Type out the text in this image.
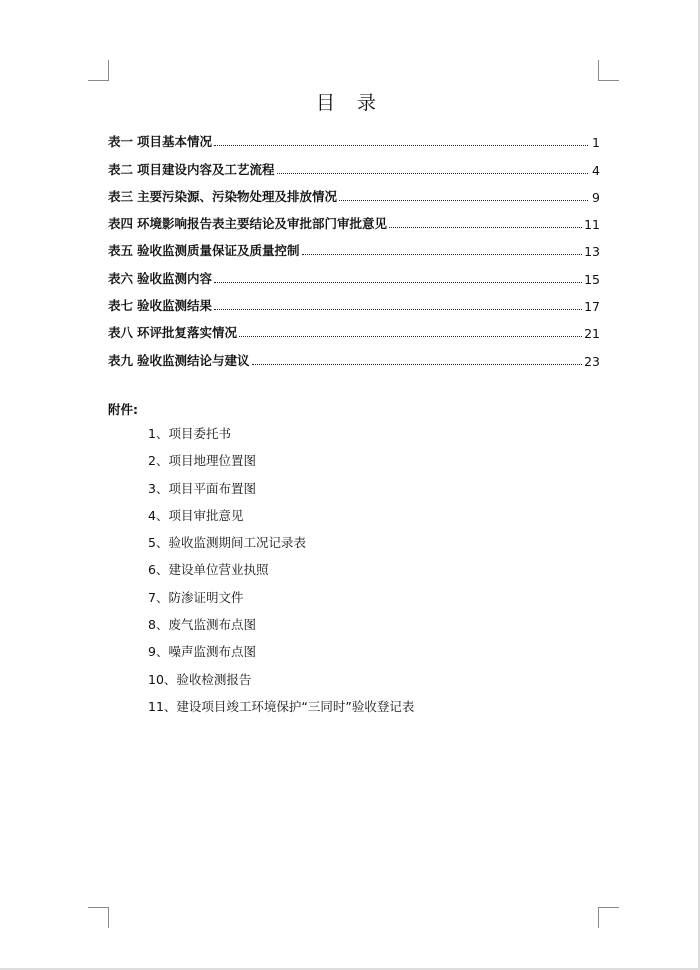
目 录
表一 项目基本情况	1
表二 项目建设内容及工艺流程	4
表三 主要污染源、污染物处理及排放情况	9
表四 环境影响报告表主要结论及审批部门审批意见	11
表五 验收监测质量保证及质量控制	13
表六 验收监测内容	15
表七 验收监测结果	17
表八 环评批复落实情况	21
表九 验收监测结论与建议	23
附件:
1、项目委托书
2、项目地理位置图
3、项目平面布置图
4、项目审批意见
5、验收监测期间工况记录表
6、建设单位营业执照
7、防渗证明文件
8、废气监测布点图
9、噪声监测布点图
10、验收检测报告
11、建设项目竣工环境保护“三同时”验收登记表
